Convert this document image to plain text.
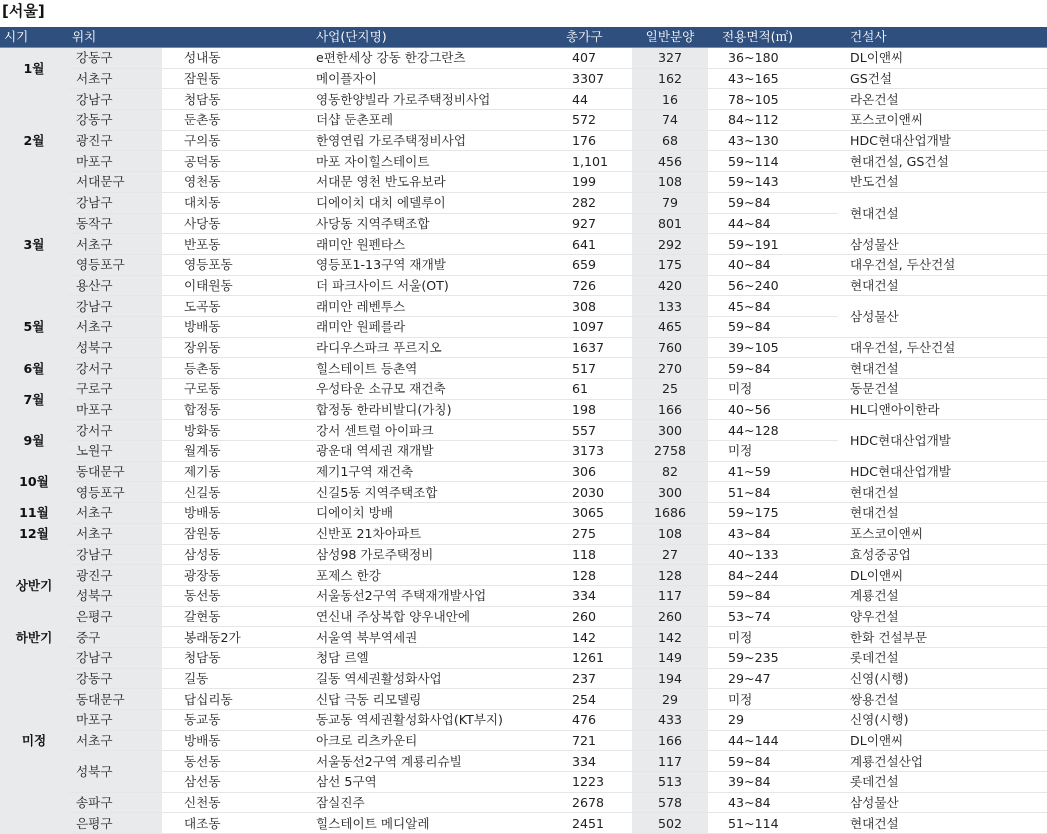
[서울]
시기	위치		사업(단지명)	총가구	일반분양	전용면적(㎡)	건설사
1월	강동구	성내동	e편한세상 강동 한강그란츠	407	327	36~180	DL이앤씨
	서초구	잠원동	메이플자이	3307	162	43~165	GS건설
2월	강남구	청담동	영동한양빌라 가로주택정비사업	44	16	78~105	라온건설
	강동구	둔촌동	더샵 둔촌포레	572	74	84~112	포스코이앤씨
	광진구	구의동	한영연립 가로주택정비사업	176	68	43~130	HDC현대산업개발
	마포구	공덕동	마포 자이힐스테이트	1,101	456	59~114	현대건설, GS건설
	서대문구	영천동	서대문 영천 반도유보라	199	108	59~143	반도건설
3월	강남구	대치동	디에이치 대치 에델루이	282	79	59~84	현대건설
	동작구	사당동	사당동 지역주택조합	927	801	44~84	
	서초구	반포동	래미안 원펜타스	641	292	59~191	삼성물산
	영등포구	영등포동	영등포1-13구역 재개발	659	175	40~84	대우건설, 두산건설
	용산구	이태원동	더 파크사이드 서울(OT)	726	420	56~240	현대건설
5월	강남구	도곡동	래미안 레벤투스	308	133	45~84	삼성물산
	서초구	방배동	래미안 원페를라	1097	465	59~84	
	성북구	장위동	라디우스파크 푸르지오	1637	760	39~105	대우건설, 두산건설
6월	강서구	등촌동	힐스테이트 등촌역	517	270	59~84	현대건설
7월	구로구	구로동	우성타운 소규모 재건축	61	25	미정	동문건설
	마포구	합정동	합정동 한라비발디(가칭)	198	166	40~56	HL디앤아이한라
9월	강서구	방화동	강서 센트럴 아이파크	557	300	44~128	HDC현대산업개발
	노원구	월계동	광운대 역세권 재개발	3173	2758	미정	
10월	동대문구	제기동	제기1구역 재건축	306	82	41~59	HDC현대산업개발
	영등포구	신길동	신길5동 지역주택조합	2030	300	51~84	현대건설
11월	서초구	방배동	디에이치 방배	3065	1686	59~175	현대건설
12월	서초구	잠원동	신반포 21차아파트	275	108	43~84	포스코이앤씨
상반기	강남구	삼성동	삼성98 가로주택정비	118	27	40~133	효성중공업
	광진구	광장동	포제스 한강	128	128	84~244	DL이앤씨
	성북구	동선동	서울동선2구역 주택재개발사업	334	117	59~84	계룡건설
	은평구	갈현동	연신내 주상복합 양우내안에	260	260	53~74	양우건설
하반기	중구	봉래동2가	서울역 북부역세권	142	142	미정	한화 건설부문
미정	강남구	청담동	청담 르엘	1261	149	59~235	롯데건설
	강동구	길동	길동 역세권활성화사업	237	194	29~47	신영(시행)
	동대문구	답십리동	신답 극동 리모델링	254	29	미정	쌍용건설
	마포구	동교동	동교동 역세권활성화사업(KT부지)	476	433	29	신영(시행)
	서초구	방배동	아크로 리츠카운티	721	166	44~144	DL이앤씨
	성북구	동선동	서울동선2구역 계룡리슈빌	334	117	59~84	계룡건설산업
		삼선동	삼선 5구역	1223	513	39~84	롯데건설
	송파구	신천동	잠실진주	2678	578	43~84	삼성물산
	은평구	대조동	힐스테이트 메디알레	2451	502	51~114	현대건설
